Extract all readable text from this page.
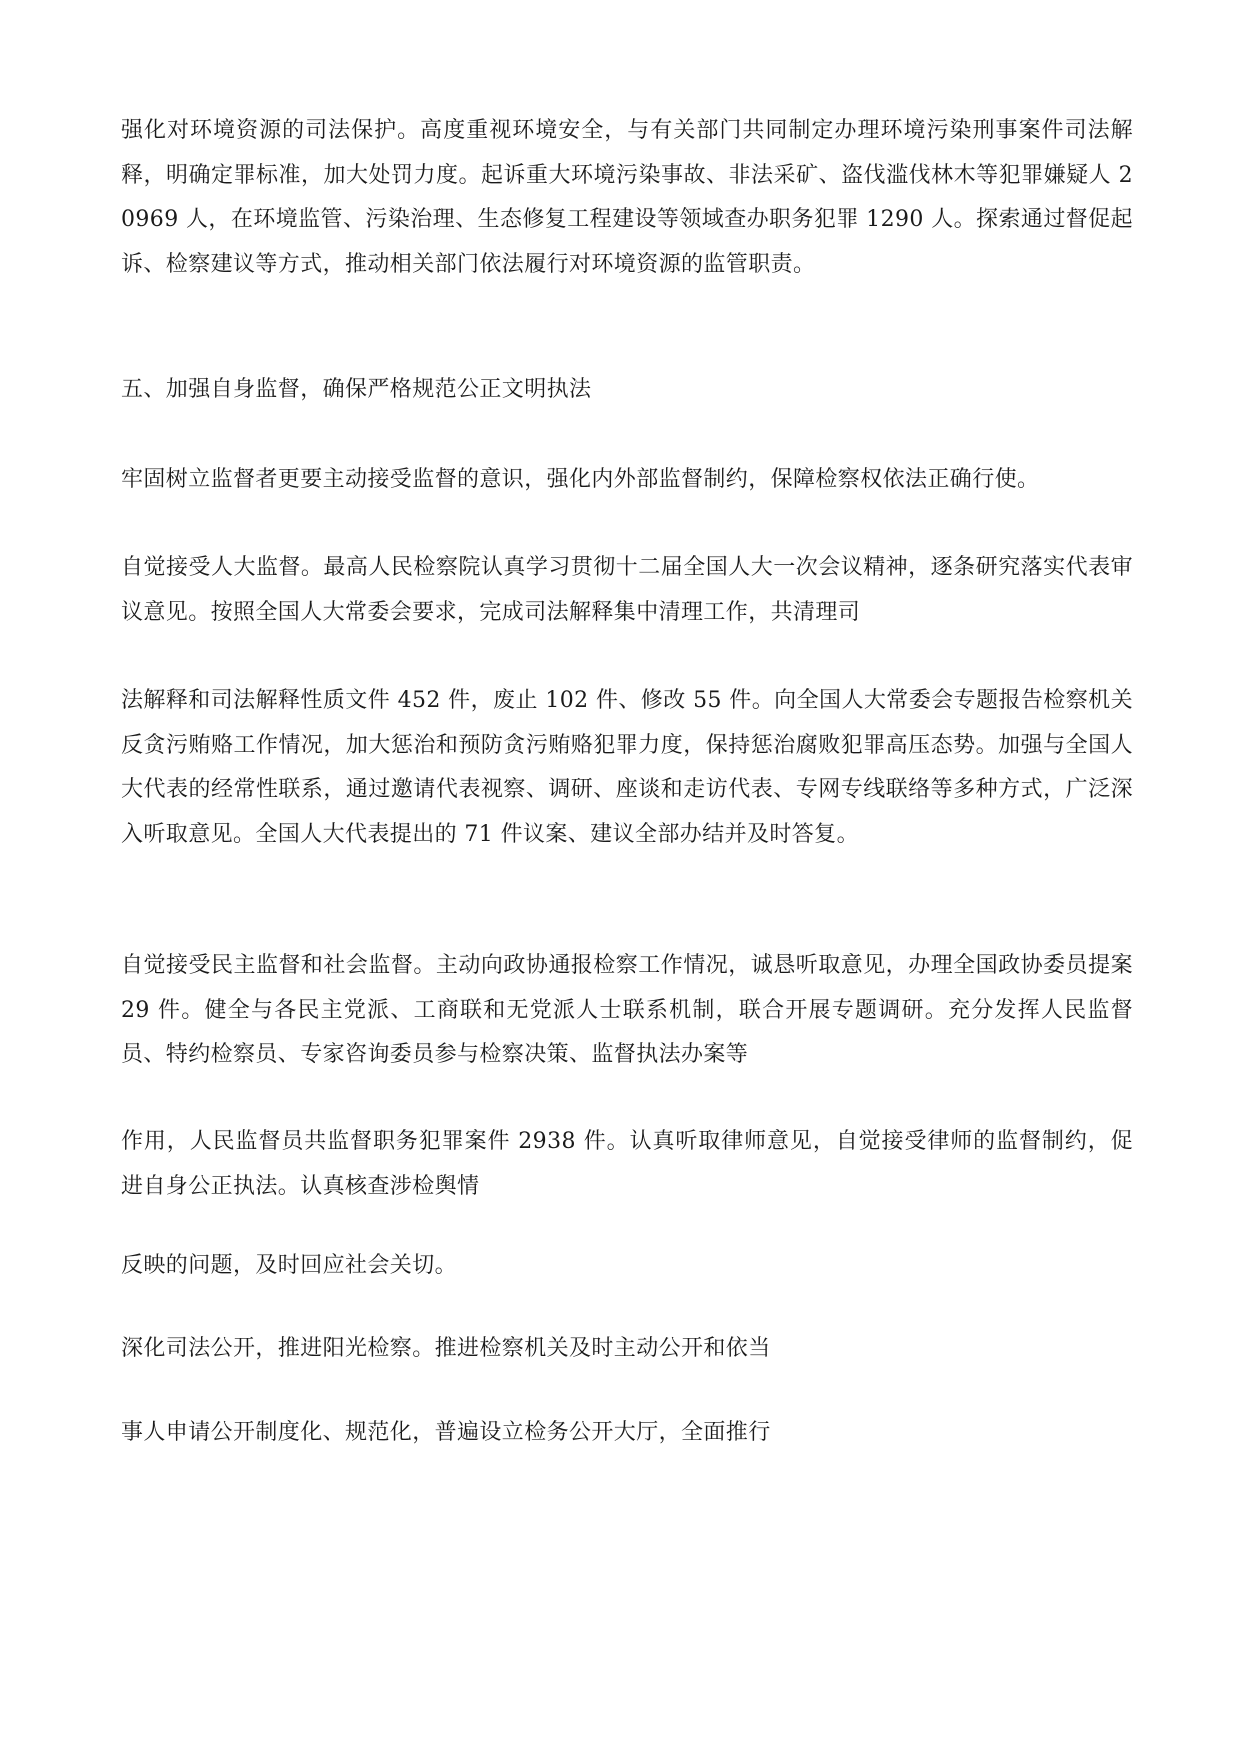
强化对环境资源的司法保护。高度重视环境安全，与有关部门共同制定办理环境污染刑事案件司法解释，明确定罪标准，加大处罚力度。起诉重大环境污染事故、非法采矿、盗伐滥伐林木等犯罪嫌疑人 20969 人，在环境监管、污染治理、生态修复工程建设等领域查办职务犯罪 1290 人。探索通过督促起诉、检察建议等方式，推动相关部门依法履行对环境资源的监管职责。

五、加强自身监督，确保严格规范公正文明执法

牢固树立监督者更要主动接受监督的意识，强化内外部监督制约，保障检察权依法正确行使。

自觉接受人大监督。最高人民检察院认真学习贯彻十二届全国人大一次会议精神，逐条研究落实代表审议意见。按照全国人大常委会要求，完成司法解释集中清理工作，共清理司

法解释和司法解释性质文件 452 件，废止 102 件、修改 55 件。向全国人大常委会专题报告检察机关反贪污贿赂工作情况，加大惩治和预防贪污贿赂犯罪力度，保持惩治腐败犯罪高压态势。加强与全国人大代表的经常性联系，通过邀请代表视察、调研、座谈和走访代表、专网专线联络等多种方式，广泛深入听取意见。全国人大代表提出的 71 件议案、建议全部办结并及时答复。

自觉接受民主监督和社会监督。主动向政协通报检察工作情况，诚恳听取意见，办理全国政协委员提案 29 件。健全与各民主党派、工商联和无党派人士联系机制，联合开展专题调研。充分发挥人民监督员、特约检察员、专家咨询委员参与检察决策、监督执法办案等

作用，人民监督员共监督职务犯罪案件 2938 件。认真听取律师意见，自觉接受律师的监督制约，促进自身公正执法。认真核查涉检舆情

反映的问题，及时回应社会关切。

深化司法公开，推进阳光检察。推进检察机关及时主动公开和依当

事人申请公开制度化、规范化，普遍设立检务公开大厅，全面推行
